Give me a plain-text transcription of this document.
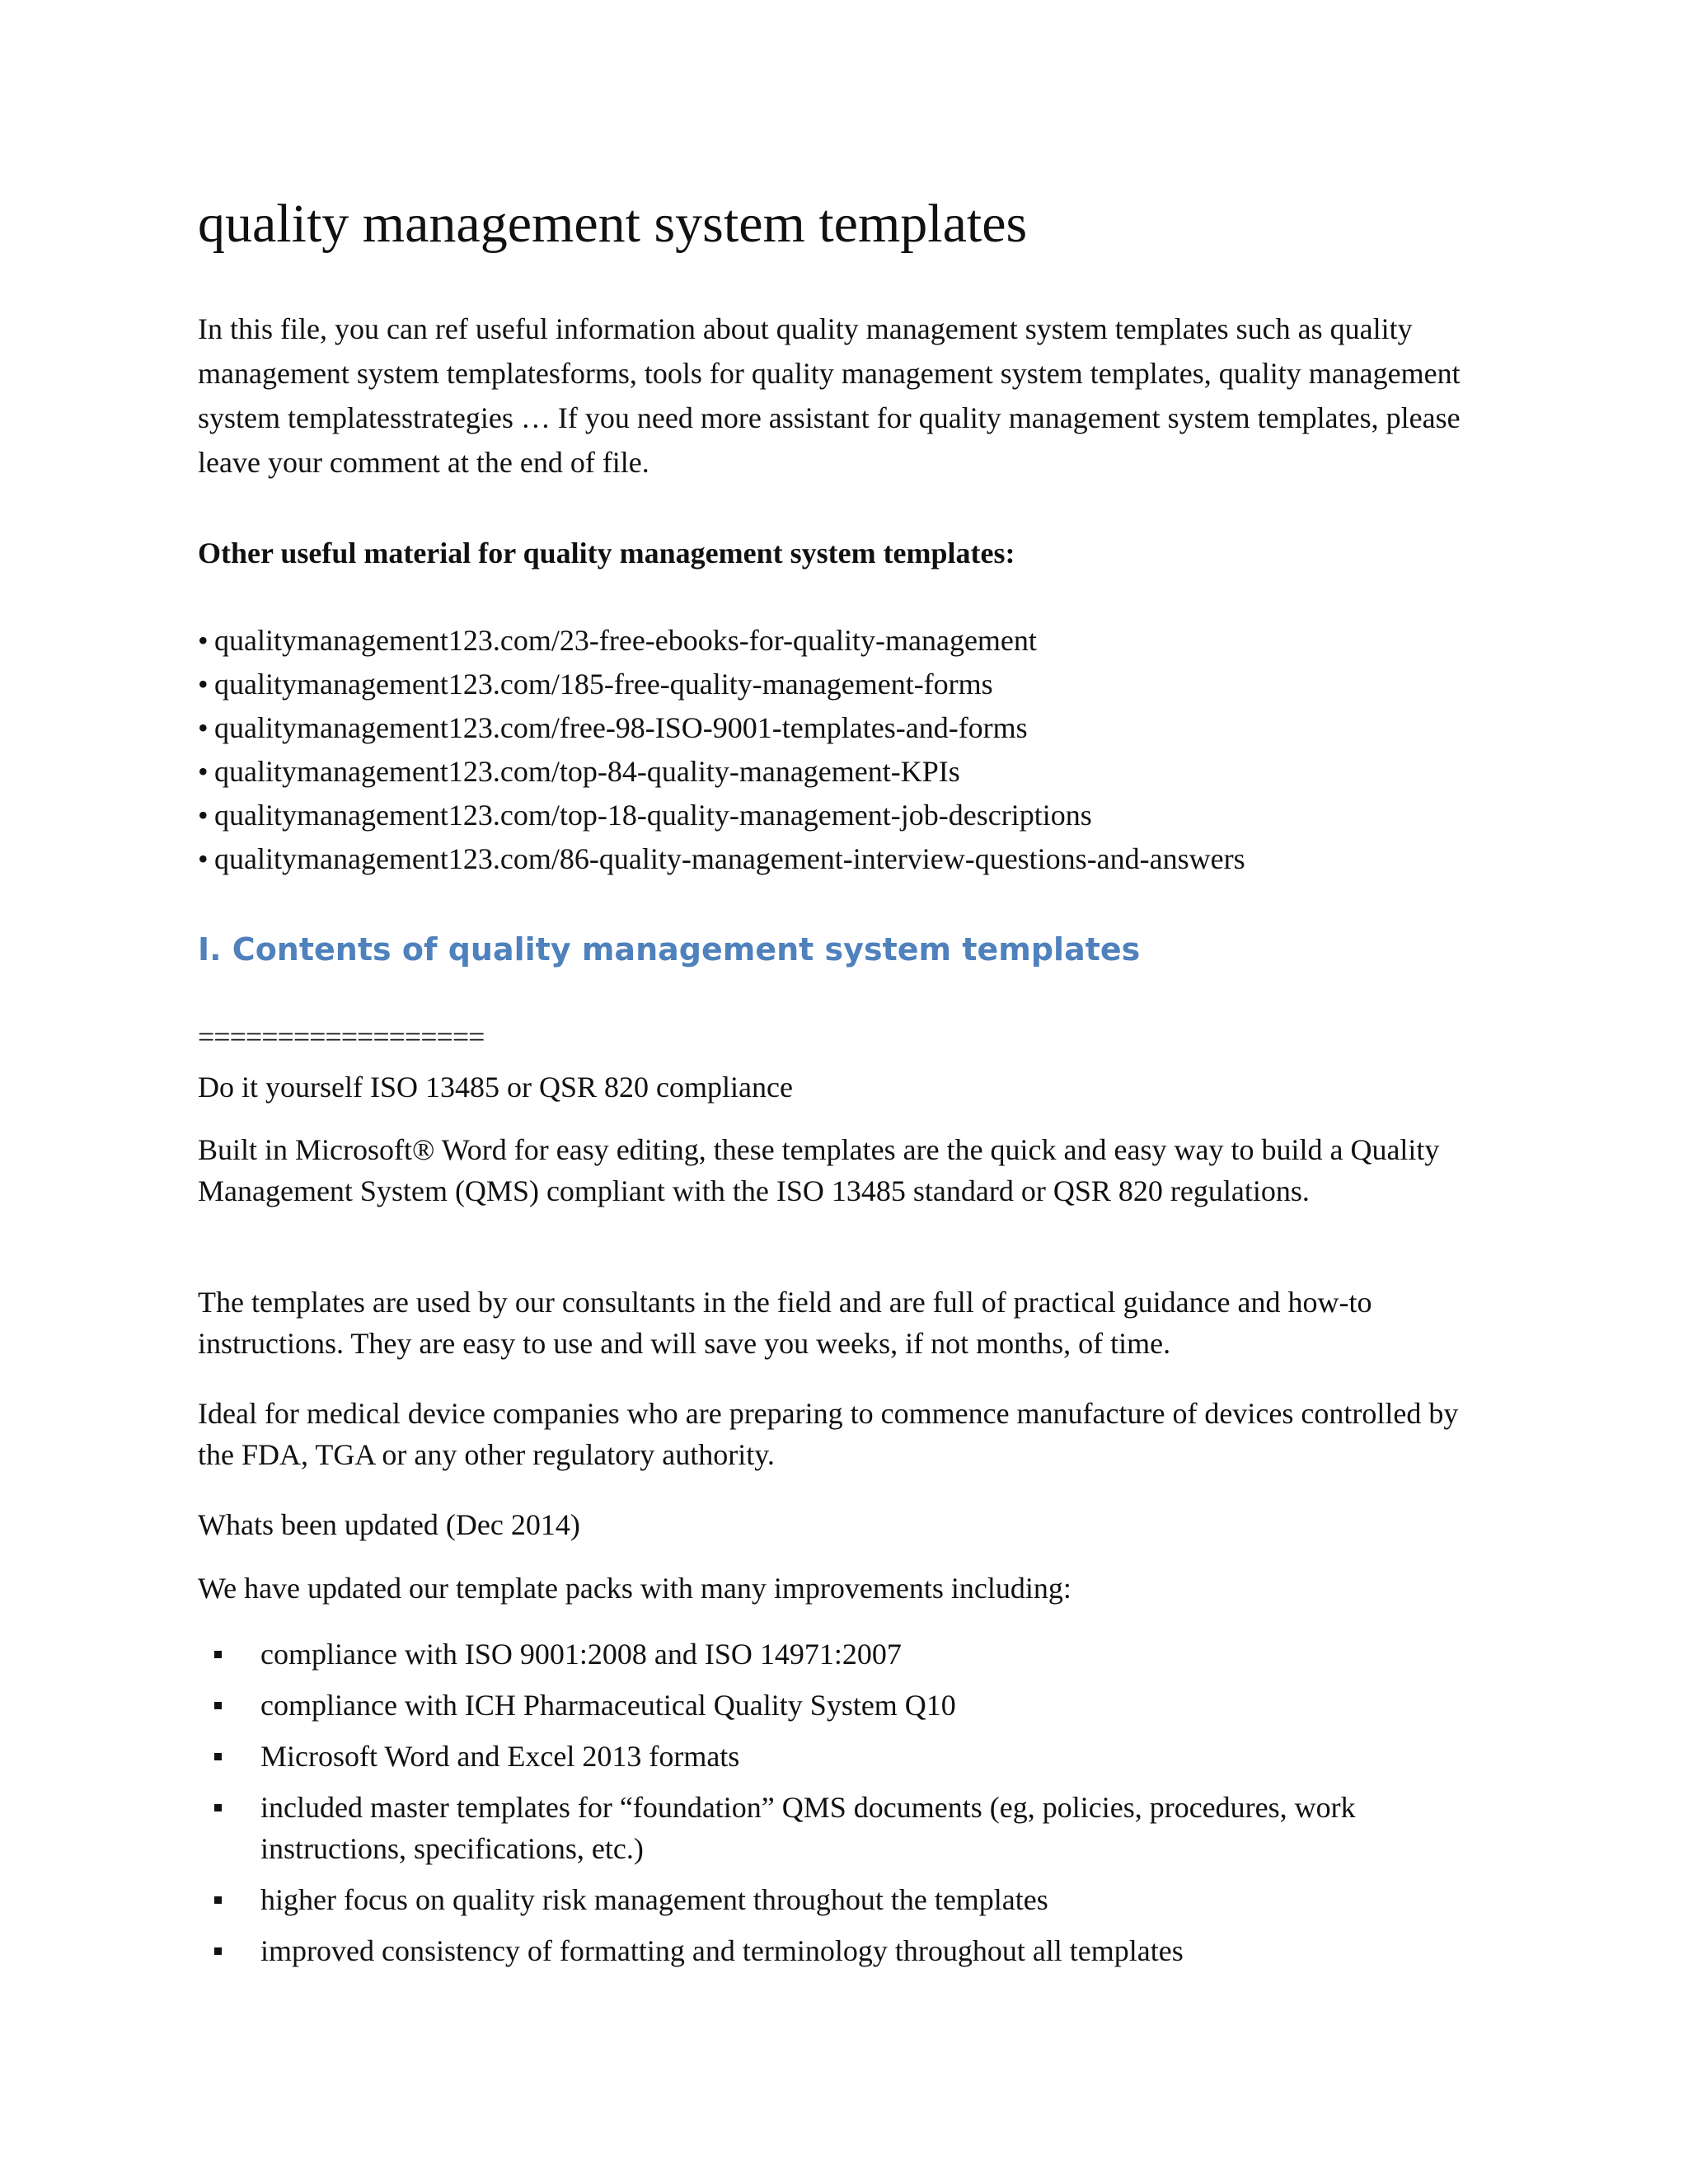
quality management system templates

In this file, you can ref useful information about quality management system templates such as quality management system templatesforms, tools for quality management system templates, quality management system templatesstrategies … If you need more assistant for quality management system templates, please leave your comment at the end of file.

Other useful material for quality management system templates:

• qualitymanagement123.com/23-free-ebooks-for-quality-management
• qualitymanagement123.com/185-free-quality-management-forms
• qualitymanagement123.com/free-98-ISO-9001-templates-and-forms
• qualitymanagement123.com/top-84-quality-management-KPIs
• qualitymanagement123.com/top-18-quality-management-job-descriptions
• qualitymanagement123.com/86-quality-management-interview-questions-and-answers
I. Contents of quality management system templates

==================

Do it yourself ISO 13485 or QSR 820 compliance

Built in Microsoft® Word for easy editing, these templates are the quick and easy way to build a Quality Management System (QMS) compliant with the ISO 13485 standard or QSR 820 regulations.

The templates are used by our consultants in the field and are full of practical guidance and how-to instructions. They are easy to use and will save you weeks, if not months, of time.

Ideal for medical device companies who are preparing to commence manufacture of devices controlled by the FDA, TGA or any other regulatory authority.

Whats been updated (Dec 2014)

We have updated our template packs with many improvements including:

compliance with ISO 9001:2008 and ISO 14971:2007
compliance with ICH Pharmaceutical Quality System Q10
Microsoft Word and Excel 2013 formats
included master templates for “foundation” QMS documents (eg, policies, procedures, work instructions, specifications, etc.)
higher focus on quality risk management throughout the templates
improved consistency of formatting and terminology throughout all templates
